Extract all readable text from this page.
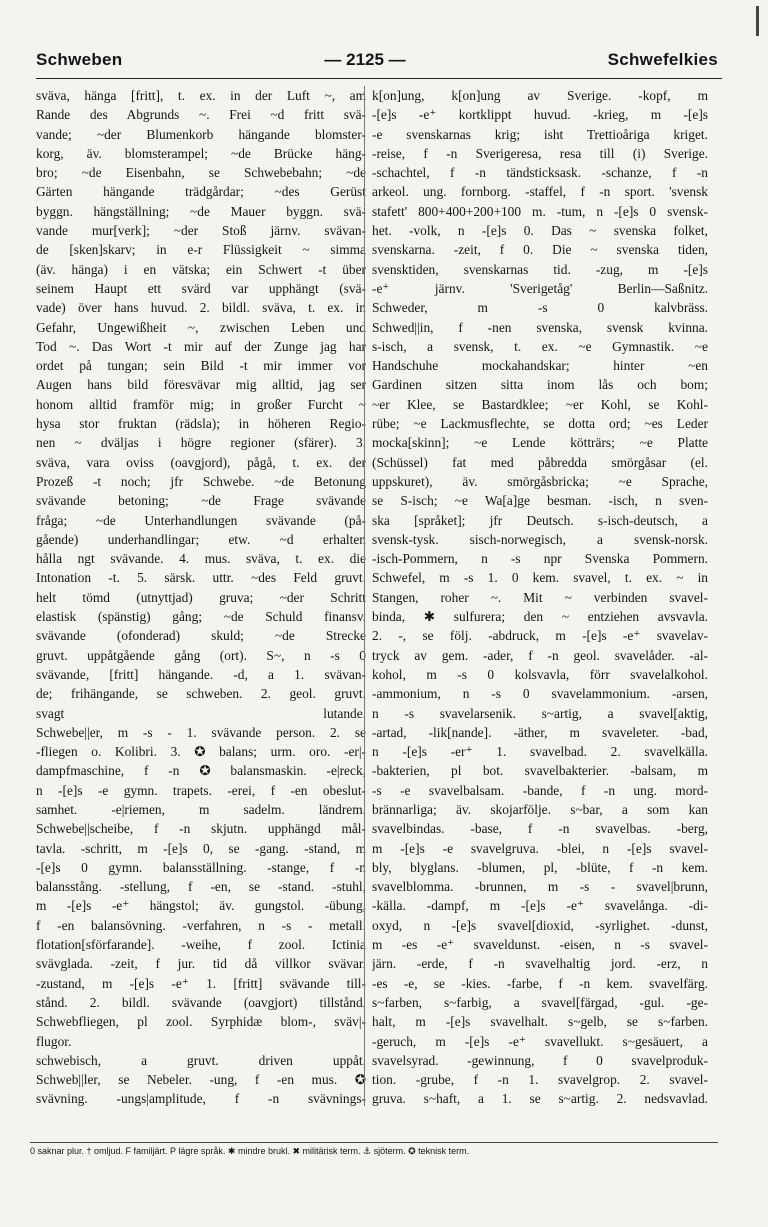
Schweben	— 2125 —	Schwefelkies
sväva, hänga [fritt], t. ex. in der Luft ~, am
Rande des Abgrunds ~. Frei ~d fritt svä-
vande; ~der Blumenkorb hängande blomster-
korg, äv. blomsterampel; ~de Brücke häng-
bro; ~de Eisenbahn, se Schwebebahn; ~de
Gärten hängande trädgårdar; ~des Gerüst
byggn. hängställning; ~de Mauer byggn. svä-
vande mur[verk]; ~der Stoß järnv. svävan-
de [sken]skarv; in e-r Flüssigkeit ~ simma
(äv. hänga) i en vätska; ein Schwert -t über
seinem Haupt ett svärd var upphängt (svä-
vade) över hans huvud. 2. bildl. sväva, t. ex. in
Gefahr, Ungewißheit ~, zwischen Leben und
Tod ~. Das Wort -t mir auf der Zunge jag har
ordet på tungan; sein Bild -t mir immer vor
Augen hans bild föresvävar mig alltid, jag ser
honom alltid framför mig; in großer Furcht ~
hysa stor fruktan (rädsla); in höheren Regio-
nen ~ dväljas i högre regioner (sfärer). 3.
sväva, vara oviss (oavgjord), pågå, t. ex. der
Prozeß -t noch; jfr Schwebe. ~de Betonung
svävande betoning; ~de Frage svävande
fråga; ~de Unterhandlungen svävande (på-
gående) underhandlingar; etw. ~d erhalten
hålla ngt svävande. 4. mus. sväva, t. ex. die
Intonation -t. 5. särsk. uttr. ~des Feld gruvt.
helt tömd (utnyttjad) gruva; ~der Schritt
elastisk (spänstig) gång; ~de Schuld finansv.
svävande (ofonderad) skuld; ~de Strecke
gruvt. uppåtgående gång (ort). S~, n -s 0
svävande, [fritt] hängande. -d, a 1. svävan-
de; frihängande, se schweben. 2. geol. gruvt.
svagt lutande.
Schwebe||er, m -s - 1. svävande person. 2. se
-fliegen o. Kolibri. 3. ✪ balans; urm. oro. -er|-
dampfmaschine, f -n ✪ balansmaskin. -e|reck,
n -[e]s -e gymn. trapets. -erei, f -en obeslut-
samhet. -e|riemen, m sadelm. ländrem.
Schwebe||scheibe, f -n skjutn. upphängd mål-
tavla. -schritt, m -[e]s 0, se -gang. -stand, m
-[e]s 0 gymn. balansställning. -stange, f -n
balansstång. -stellung, f -en, se -stand. -stuhl,
m -[e]s -e⁺ hängstol; äv. gungstol. -übung,
f -en balansövning. -verfahren, n -s - metall.
flotation[sförfarande]. -weihe, f zool. Ictinia
svävglada. -zeit, f jur. tid då villkor svävar.
-zustand, m -[e]s -e⁺ 1. [fritt] svävande till-
stånd. 2. bildl. svävande (oavgjort) tillstånd.
Schwebfliegen, pl zool. Syrphidæ blom-, sväv|-
flugor.
schwebisch, a gruvt. driven uppåt.
Schweb||ler, se Nebeler. -ung, f -en mus. ✪
svävning. -ungs|amplitude, f -n svävnings-
k[on]ung, k[on]ung av Sverige. -kopf, m
-[e]s -e⁺ kortklippt huvud. -krieg, m -[e]s
-e svenskarnas krig; isht Trettioåriga kriget.
-reise, f -n Sverigeresa, resa till (i) Sverige.
-schachtel, f -n tändsticksask. -schanze, f -n
arkeol. ung. fornborg. -staffel, f -n sport. 'svensk
stafett' 800+400+200+100 m. -tum, n -[e]s 0 svensk-
het. -volk, n -[e]s 0. Das ~ svenska folket,
svenskarna. -zeit, f 0. Die ~ svenska tiden,
svensktiden, svenskarnas tid. -zug, m -[e]s
-e⁺ järnv. 'Sverigetåg' Berlin—Saßnitz.
Schweder, m -s 0 kalvbräss.
Schwed||in, f -nen svenska, svensk kvinna.
s-isch, a svensk, t. ex. ~e Gymnastik. ~e
Handschuhe mockahandskar; hinter ~en
Gardinen sitzen sitta inom lås och bom;
~er Klee, se Bastardklee; ~er Kohl, se Kohl-
rübe; ~e Lackmusflechte, se dotta ord; ~es Leder
mocka[skinn]; ~e Lende kötträrs; ~e Platte
(Schüssel) fat med påbredda smörgåsar (el.
uppskuret), äv. smörgåsbricka; ~e Sprache,
se S-isch; ~e Wa[a]ge besman. -isch, n sven-
ska [språket]; jfr Deutsch. s-isch-deutsch, a
svensk-tysk. sisch-norwegisch, a svensk-norsk.
-isch-Pommern, n -s npr Svenska Pommern.
Schwefel, m -s 1. 0 kem. svavel, t. ex. ~ in
Stangen, roher ~. Mit ~ verbinden svavel-
binda, ✱ sulfurera; den ~ entziehen avsvavla.
2. -, se följ. -abdruck, m -[e]s -e⁺ svavelav-
tryck av gem. -ader, f -n geol. svavelåder. -al-
kohol, m -s 0 kolsvavla, förr svavelalkohol.
-ammonium, n -s 0 svavelammonium. -arsen,
n -s svavelarsenik. s~artig, a svavel[aktig,
-artad, -lik[nande]. -äther, m svaveleter. -bad,
n -[e]s -er⁺ 1. svavelbad. 2. svavelkälla.
-bakterien, pl bot. svavelbakterier. -balsam, m
-s -e svavelbalsam. -bande, f -n ung. mord-
brännarliga; äv. skojarfölje. s~bar, a som kan
svavelbindas. -base, f -n svavelbas. -berg,
m -[e]s -e svavelgruva. -blei, n -[e]s svavel-
bly, blyglans. -blumen, pl, -blüte, f -n kem.
svavelblomma. -brunnen, m -s - svavel|brunn,
-källa. -dampf, m -[e]s -e⁺ svavelånga. -di-
oxyd, n -[e]s svavel[dioxid, -syrlighet. -dunst,
m -es -e⁺ svaveldunst. -eisen, n -s svavel-
järn. -erde, f -n svavelhaltig jord. -erz, n
-es -e, se -kies. -farbe, f -n kem. svavelfärg.
s~farben, s~farbig, a svavel[färgad, -gul. -ge-
halt, m -[e]s svavelhalt. s~gelb, se s~farben.
-geruch, m -[e]s -e⁺ svavellukt. s~gesäuert, a
svavelsyrad. -gewinnung, f 0 svavelproduk-
tion. -grube, f -n 1. svavelgrop. 2. svavel-
gruva. s~haft, a 1. se s~artig. 2. nedsvavlad.
0 saknar plur. † omljud. F familjärt. P lägre språk. ✱ mindre brukl. ✖ militärisk term. ⚓ sjöterm. ✪ teknisk term.
